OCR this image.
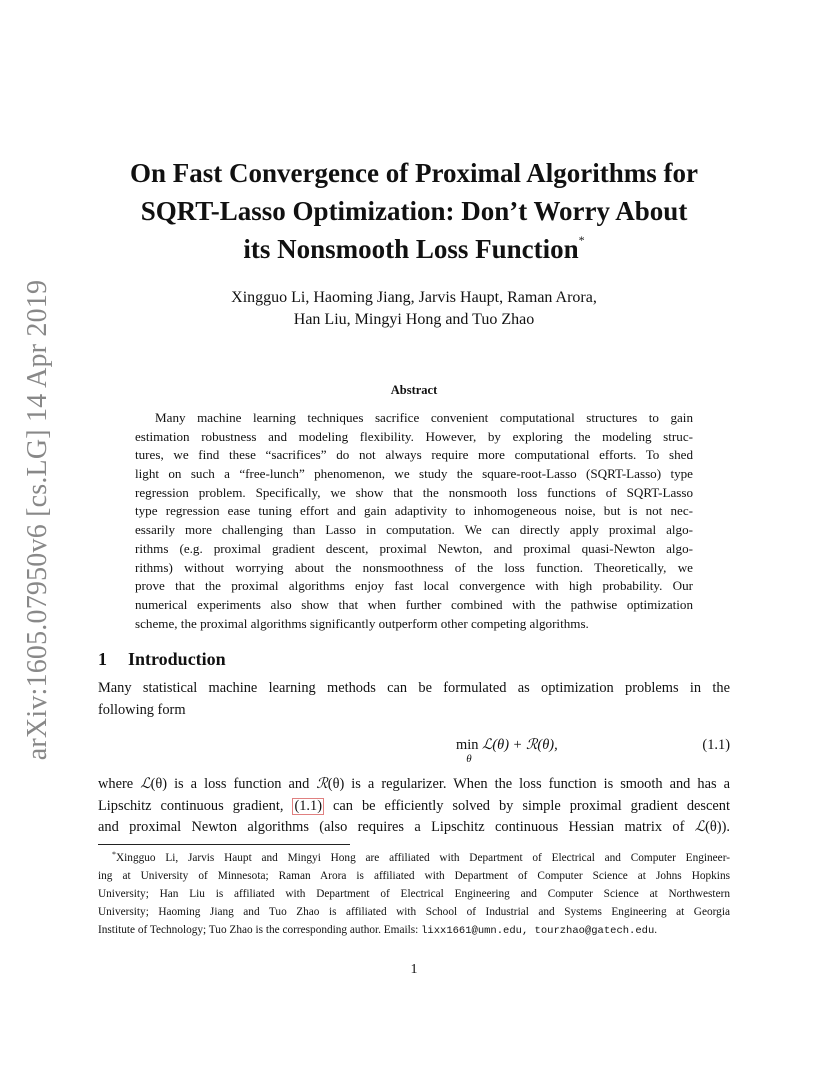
arXiv:1605.07950v6 [cs.LG] 14 Apr 2019
On Fast Convergence of Proximal Algorithms for
SQRT-Lasso Optimization: Don’t Worry About
its Nonsmooth Loss Function*
Xingguo Li, Haoming Jiang, Jarvis Haupt, Raman Arora,
Han Liu, Mingyi Hong and Tuo Zhao
Abstract
Many machine learning techniques sacrifice convenient computational structures to gain
estimation robustness and modeling flexibility. However, by exploring the modeling struc-
tures, we find these “sacrifices” do not always require more computational efforts. To shed
light on such a “free-lunch” phenomenon, we study the square-root-Lasso (SQRT-Lasso) type
regression problem. Specifically, we show that the nonsmooth loss functions of SQRT-Lasso
type regression ease tuning effort and gain adaptivity to inhomogeneous noise, but is not nec-
essarily more challenging than Lasso in computation. We can directly apply proximal algo-
rithms (e.g. proximal gradient descent, proximal Newton, and proximal quasi-Newton algo-
rithms) without worrying about the nonsmoothness of the loss function. Theoretically, we
prove that the proximal algorithms enjoy fast local convergence with high probability. Our
numerical experiments also show that when further combined with the pathwise optimization
scheme, the proximal algorithms significantly outperform other competing algorithms.
1 Introduction
Many statistical machine learning methods can be formulated as optimization problems in the
following form
min ℒ(θ) + ℛ(θ),
θ
(1.1)
where ℒ(θ) is a loss function and ℛ(θ) is a regularizer. When the loss function is smooth and has a
Lipschitz continuous gradient, (1.1) can be efficiently solved by simple proximal gradient descent
and proximal Newton algorithms (also requires a Lipschitz continuous Hessian matrix of ℒ(θ)).
*Xingguo Li, Jarvis Haupt and Mingyi Hong are affiliated with Department of Electrical and Computer Engineer-
ing at University of Minnesota; Raman Arora is affiliated with Department of Computer Science at Johns Hopkins
University; Han Liu is affiliated with Department of Electrical Engineering and Computer Science at Northwestern
University; Haoming Jiang and Tuo Zhao is affiliated with School of Industrial and Systems Engineering at Georgia
Institute of Technology; Tuo Zhao is the corresponding author. Emails: lixx1661@umn.edu, tourzhao@gatech.edu.
1
